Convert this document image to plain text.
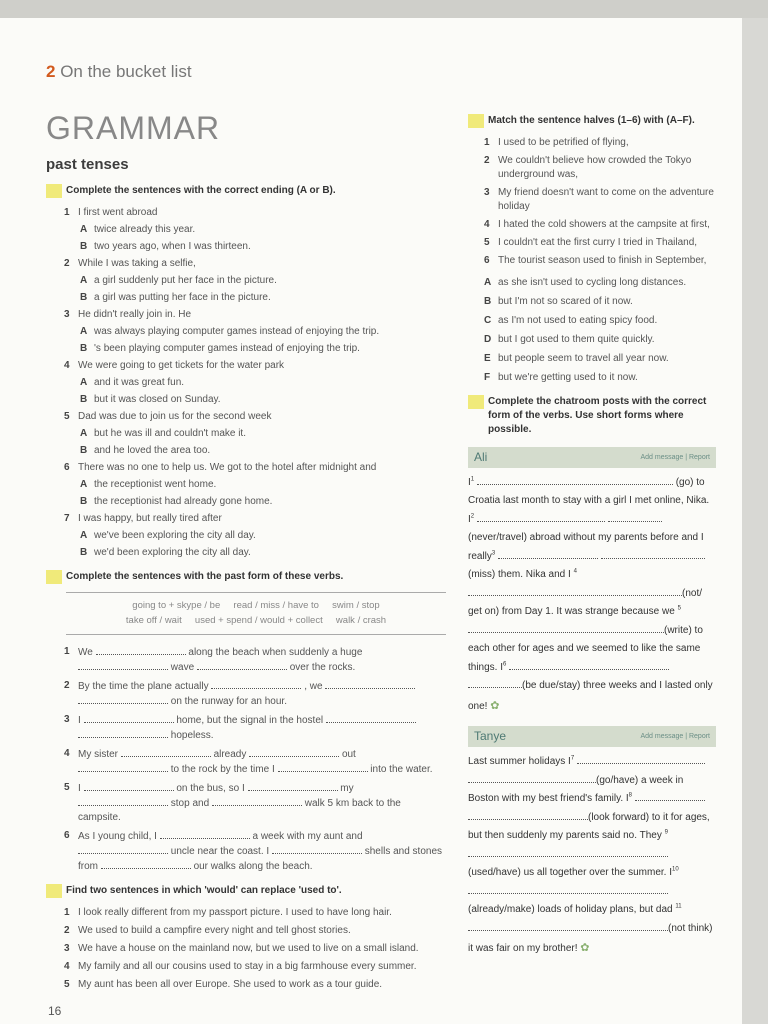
2 On the bucket list
GRAMMAR
past tenses
Complete the sentences with the correct ending (A or B).
1 I first went abroad
A twice already this year.
B two years ago, when I was thirteen.
2 While I was taking a selfie,
A a girl suddenly put her face in the picture.
B a girl was putting her face in the picture.
3 He didn't really join in. He
A was always playing computer games instead of enjoying the trip.
B 's been playing computer games instead of enjoying the trip.
4 We were going to get tickets for the water park
A and it was great fun.
B but it was closed on Sunday.
5 Dad was due to join us for the second week
A but he was ill and couldn't make it.
B and he loved the area too.
6 There was no one to help us. We got to the hotel after midnight and
A the receptionist went home.
B the receptionist had already gone home.
7 I was happy, but really tired after
A we've been exploring the city all day.
B we'd been exploring the city all day.
Complete the sentences with the past form of these verbs.
going to + skype / be     read / miss / have to     swim / stop
take off / wait     used + spend / would + collect     walk / crash
1 We	along the beach when suddenly a huge  wave	over the rocks.
2 By the time the plane actually	, we   on the runway for an hour.
3 I	home, but the signal in the hostel   hopeless.
4 My sister	already	out  to the rock by the time I	into the water.
5 I	on the bus, so I	my  stop and	walk 5 km back to the campsite.
6 As I young child, I	a week with my aunt and  uncle near the coast. I	shells and stones from	our walks along the beach.
Find two sentences in which 'would' can replace 'used to'.
1 I look really different from my passport picture. I used to have long hair.
2 We used to build a campfire every night and tell ghost stories.
3 We have a house on the mainland now, but we used to live on a small island.
4 My family and all our cousins used to stay in a big farmhouse every summer.
5 My aunt has been all over Europe. She used to work as a tour guide.
Match the sentence halves (1–6) with (A–F).
1 I used to be petrified of flying,
2 We couldn't believe how crowded the Tokyo underground was,
3 My friend doesn't want to come on the adventure holiday
4 I hated the cold showers at the campsite at first,
5 I couldn't eat the first curry I tried in Thailand,
6 The tourist season used to finish in September,
A as she isn't used to cycling long distances.
B but I'm not so scared of it now.
C as I'm not used to eating spicy food.
D but I got used to them quite quickly.
E but people seem to travel all year now.
F but we're getting used to it now.
Complete the chatroom posts with the correct form of the verbs. Use short forms where possible.
Ali	Add message | Report
$I^1$	(go) to Croatia last month to stay with a girl I met online, Nika. $I^2$  (never/travel) abroad without my parents before and I really$^3$  (miss) them. Nika and I $^4$(not/ get on) from Day 1. It was strange because we $^5$(write) to each other for ages and we seemed to like the same things. $I^6$  (be due/stay) three weeks and I lasted only one! ✿
Tanye	Add message | Report
Last summer holidays $I^7$  (go/have) a week in Boston with my best friend's family. $I^8$  (look forward) to it for ages, but then suddenly my parents said no. They $^9$ (used/have) us all together over the summer. $I^{10}$  (already/make) loads of holiday plans, but dad $^{11}$(not think) it was fair on my brother! ✿
16
